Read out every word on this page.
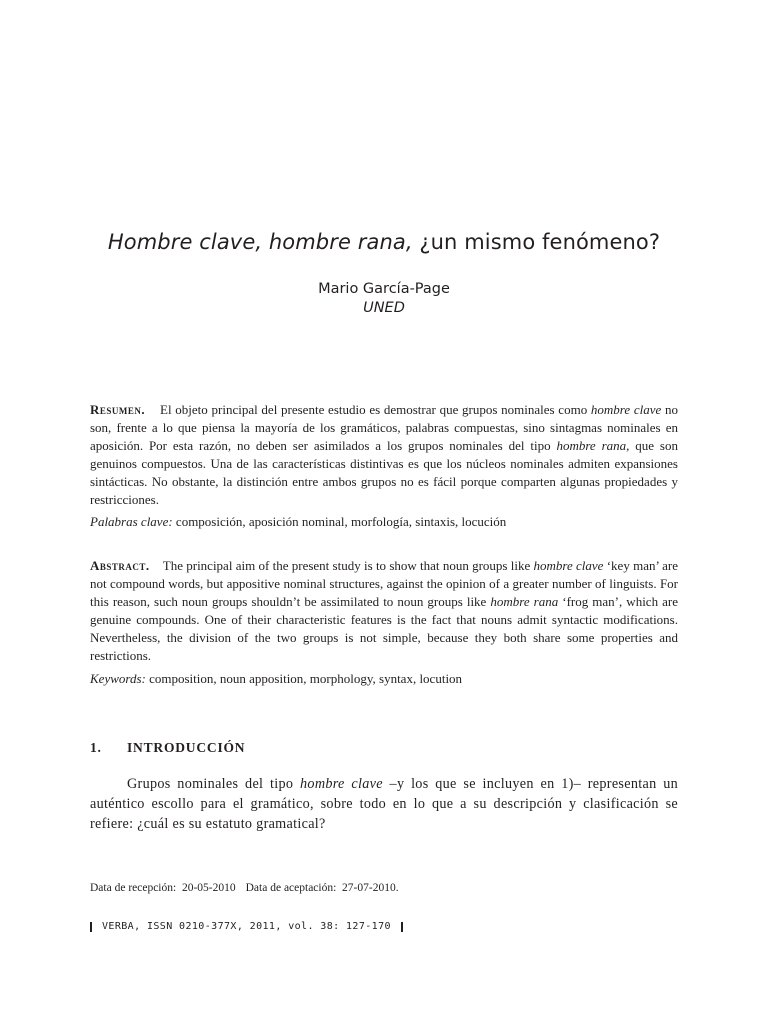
Hombre clave, hombre rana, ¿un mismo fenómeno?
Mario García-Page
UNED

Resumen. El objeto principal del presente estudio es demostrar que grupos nominales como hombre clave no son, frente a lo que piensa la mayoría de los gramáticos, palabras compuestas, sino sintagmas nominales en aposición. Por esta razón, no deben ser asimilados a los grupos nominales del tipo hombre rana, que son genuinos compuestos. Una de las características distintivas es que los núcleos nominales admiten expansiones sintácticas. No obstante, la distinción entre ambos grupos no es fácil porque comparten algunas propiedades y restricciones.

Palabras clave: composición, aposición nominal, morfología, sintaxis, locución

Abstract. The principal aim of the present study is to show that noun groups like hombre clave ‘key man’ are not compound words, but appositive nominal structures, against the opinion of a greater number of linguists. For this reason, such noun groups shouldn’t be assimilated to noun groups like hombre rana ‘frog man’, which are genuine compounds. One of their characteristic features is the fact that nouns admit syntactic modifications. Nevertheless, the division of the two groups is not simple, because they both share some properties and restrictions.

Keywords: composition, noun apposition, morphology, syntax, locution

1. INTRODUCCIÓN

Grupos nominales del tipo hombre clave –y los que se incluyen en 1)– representan un auténtico escollo para el gramático, sobre todo en lo que a su descripción y clasificación se refiere: ¿cuál es su estatuto gramatical?

Data de recepción: 20-05-2010 Data de aceptación: 27-07-2010.
VERBA, ISSN 0210-377X, 2011, vol. 38: 127-170
